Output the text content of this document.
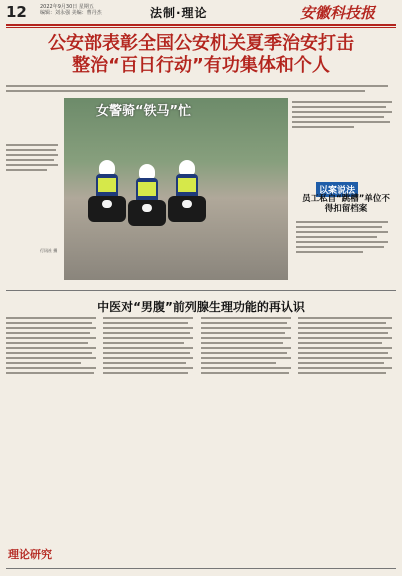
12	2022年9月30日 星期五
编辑：刘永强 美编：曹丹杰	法制·理论	安徽科技报
公安部表彰全国公安机关夏季治安打击
整治“百日行动”有功集体和个人
女警骑“铁马”忙
行讯社 摄
以案说法
员工私自“跳槽”单位不得扣留档案
中医对“男腹”前列腺生理功能的再认识
理论研究
